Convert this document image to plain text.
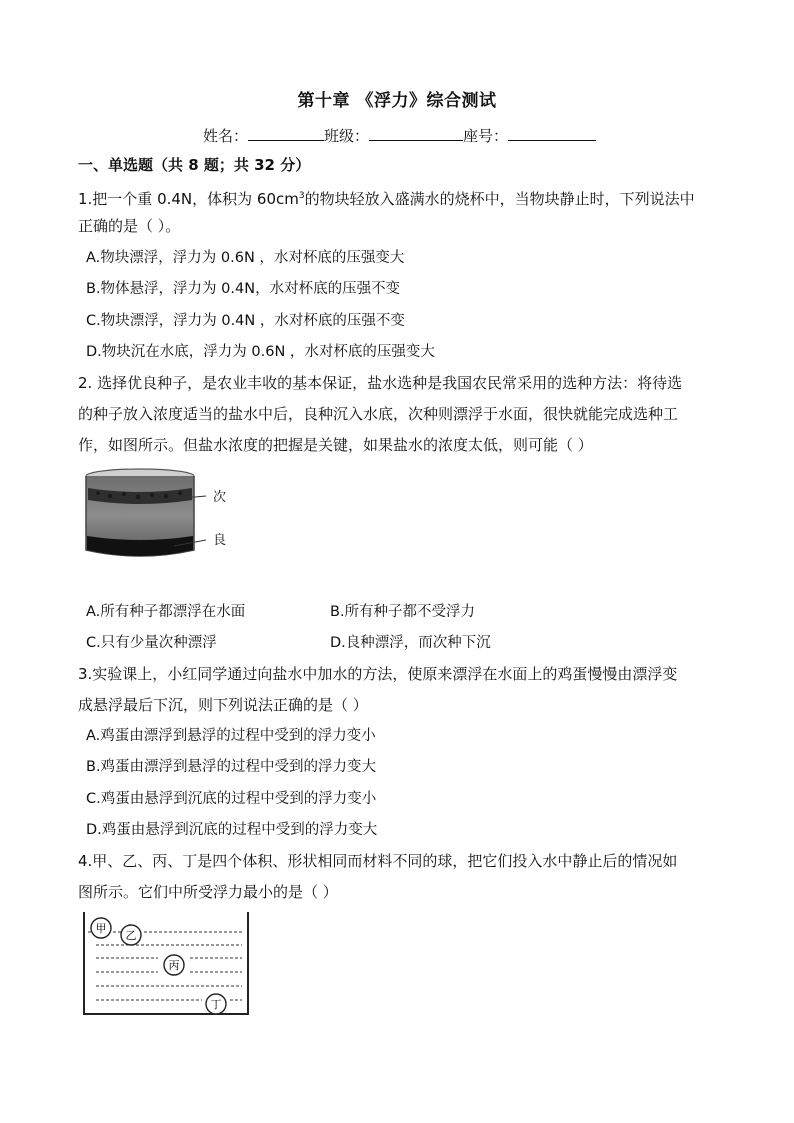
第十章 《浮力》综合测试
姓名：	班级：	座号：
一、单选题（共 8 题；共 32 分）
1.把一个重 0.4N，体积为 $60cm^3$的物块轻放入盛满水的烧杯中，当物块静止时，下列说法中
正确的是（ ）。
A.物块漂浮，浮力为 0.6N ，水对杯底的压强变大
B.物体悬浮，浮力为 0.4N，水对杯底的压强不变
C.物块漂浮，浮力为 0.4N ，水对杯底的压强不变
D.物块沉在水底，浮力为 0.6N ，水对杯底的压强变大
2. 选择优良种子，是农业丰收的基本保证，盐水选种是我国农民常采用的选种方法：将待选
的种子放入浓度适当的盐水中后，良种沉入水底，次种则漂浮于水面，很快就能完成选种工
作，如图所示。但盐水浓度的把握是关键，如果盐水的浓度太低，则可能（ ）
次
良
A.所有种子都漂浮在水面	B.所有种子都不受浮力
C.只有少量次种漂浮	D.良种漂浮，而次种下沉
3.实验课上，小红同学通过向盐水中加水的方法，使原来漂浮在水面上的鸡蛋慢慢由漂浮变
成悬浮最后下沉，则下列说法正确的是（ ）
A.鸡蛋由漂浮到悬浮的过程中受到的浮力变小
B.鸡蛋由漂浮到悬浮的过程中受到的浮力变大
C.鸡蛋由悬浮到沉底的过程中受到的浮力变小
D.鸡蛋由悬浮到沉底的过程中受到的浮力变大
4.甲、乙、丙、丁是四个体积、形状相同而材料不同的球，把它们投入水中静止后的情况如
图所示。它们中所受浮力最小的是（ ）
甲
乙
丙
丁
